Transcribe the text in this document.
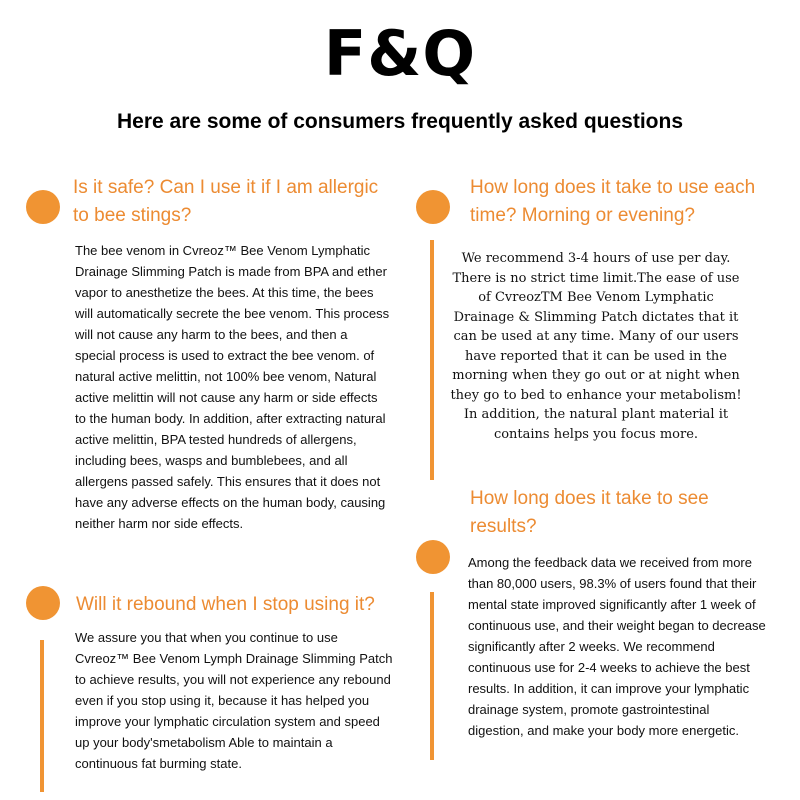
F&Q
Here are some of consumers frequently asked questions
Is it safe? Can I use it if I am allergic to bee stings?

The bee venom in Cvreoz™ Bee Venom Lymphatic Drainage Slimming Patch is made from BPA and ether vapor to anesthetize the bees. At this time, the bees will automatically secrete the bee venom. This process will not cause any harm to the bees, and then a special process is used to extract the bee venom. of natural active melittin, not 100% bee venom, Natural active melittin will not cause any harm or side effects to the human body. In addition, after extracting natural active melittin, BPA tested hundreds of allergens, including bees, wasps and bumblebees, and all allergens passed safely. This ensures that it does not have any adverse effects on the human body, causing neither harm nor side effects.

How long does it take to use each time? Morning or evening?

We recommend 3-4 hours of use per day. There is no strict time limit.The ease of use of CvreozTM Bee Venom Lymphatic Drainage & Slimming Patch dictates that it can be used at any time. Many of our users have reported that it can be used in the morning when they go out or at night when they go to bed to enhance your metabolism! In addition, the natural plant material it contains helps you focus more.

How long does it take to see results?

Among the feedback data we received from more than 80,000 users, 98.3% of users found that their mental state improved significantly after 1 week of continuous use, and their weight began to decrease significantly after 2 weeks. We recommend continuous use for 2-4 weeks to achieve the best results. In addition, it can improve your lymphatic drainage system, promote gastrointestinal digestion, and make your body more energetic.

Will it rebound when I stop using it?

We assure you that when you continue to use Cvreoz™ Bee Venom Lymph Drainage Slimming Patch to achieve results, you will not experience any rebound even if you stop using it, because it has helped you improve your lymphatic circulation system and speed up your body'smetabolism Able to maintain a continuous fat burming state.
